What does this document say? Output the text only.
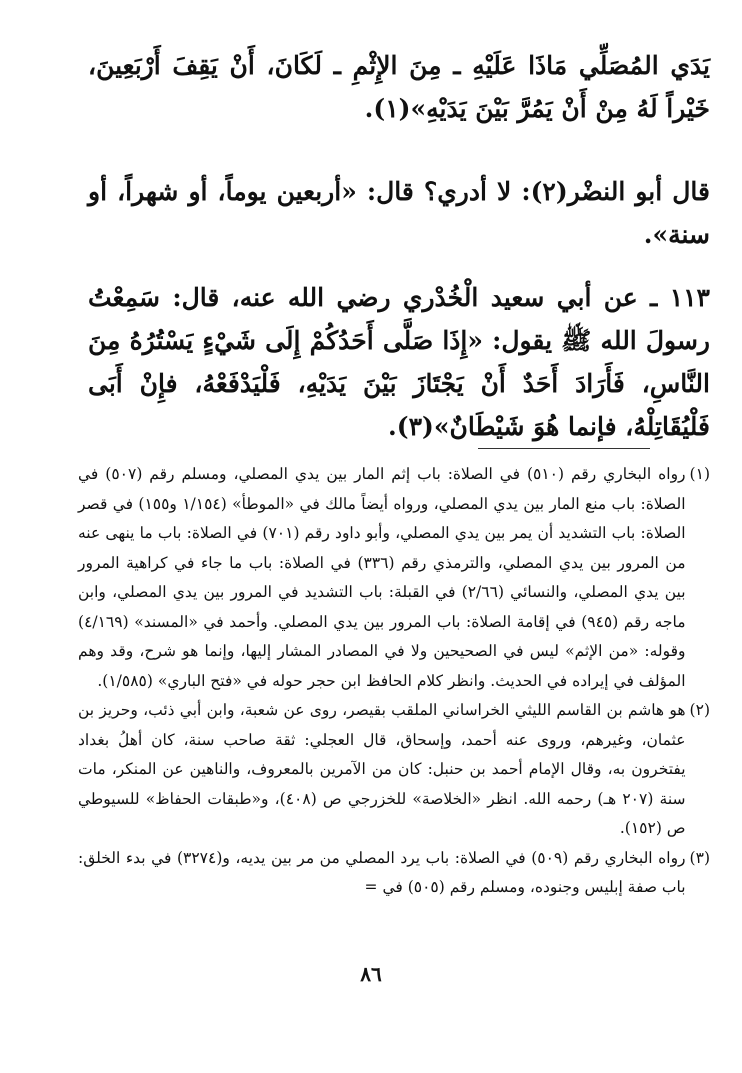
يَدَي المُصَلِّي مَاذَا عَلَيْهِ ـ مِنَ الإِثْمِ ـ لَكَانَ، أَنْ يَقِفَ أَرْبَعِينَ، خَيْراً لَهُ مِنْ أَنْ يَمُرَّ بَيْنَ يَدَيْهِ»(١).

قال أبو النضْر(٢): لا أدري؟ قال: «أربعين يوماً، أو شهراً، أو سنة».

١١٣ ـ عن أبي سعيد الْخُدْري رضي الله عنه، قال: سَمِعْتُ رسولَ الله ﷺ يقول: «إِذَا صَلَّى أَحَدُكُمْ إِلَى شَيْءٍ يَسْتُرُهُ مِنَ النَّاسِ، فَأَرَادَ أَحَدٌ أَنْ يَجْتَازَ بَيْنَ يَدَيْهِ، فَلْيَدْفَعْهُ، فإِنْ أَبَى فَلْيُقَاتِلْهُ، فإنما هُوَ شَيْطَانٌ»(٣).

(١)
رواه البخاري رقم (٥١٠) في الصلاة: باب إثم المار بين يدي المصلي، ومسلم رقم (٥٠٧) في الصلاة: باب منع المار بين يدي المصلي، ورواه أيضاً مالك في «الموطأ» (١/١٥٤ و١٥٥) في قصر الصلاة: باب التشديد أن يمر بين يدي المصلي، وأبو داود رقم (٧٠١) في الصلاة: باب ما ينهى عنه من المرور بين يدي المصلي، والترمذي رقم (٣٣٦) في الصلاة: باب ما جاء في كراهية المرور بين يدي المصلي، والنسائي (٢/٦٦) في القبلة: باب التشديد في المرور بين يدي المصلي، وابن ماجه رقم (٩٤٥) في إقامة الصلاة: باب المرور بين يدي المصلي. وأحمد في «المسند» (٤/١٦٩) وقوله: «من الإثم» ليس في الصحيحين ولا في المصادر المشار إليها، وإنما هو شرح، وقد وهم المؤلف في إيراده في الحديث. وانظر كلام الحافظ ابن حجر حوله في «فتح الباري» (١/٥٨٥).
(٢)
هو هاشم بن القاسم الليثي الخراساني الملقب بقيصر، روى عن شعبة، وابن أبي ذئب، وحريز بن عثمان، وغيرهم، وروى عنه أحمد، وإسحاق، قال العجلي: ثقة صاحب سنة، كان أهلُ بغداد يفتخرون به، وقال الإمام أحمد بن حنبل: كان من الآمرين بالمعروف، والناهين عن المنكر، مات سنة (٢٠٧ هـ) رحمه الله. انظر «الخلاصة» للخزرجي ص (٤٠٨)، و«طبقات الحفاظ» للسيوطي ص (١٥٢).
(٣)
رواه البخاري رقم (٥٠٩) في الصلاة: باب يرد المصلي من مر بين يديه، و(٣٢٧٤) في بدء الخلق: باب صفة إبليس وجنوده، ومسلم رقم (٥٠٥) في =
٨٦
